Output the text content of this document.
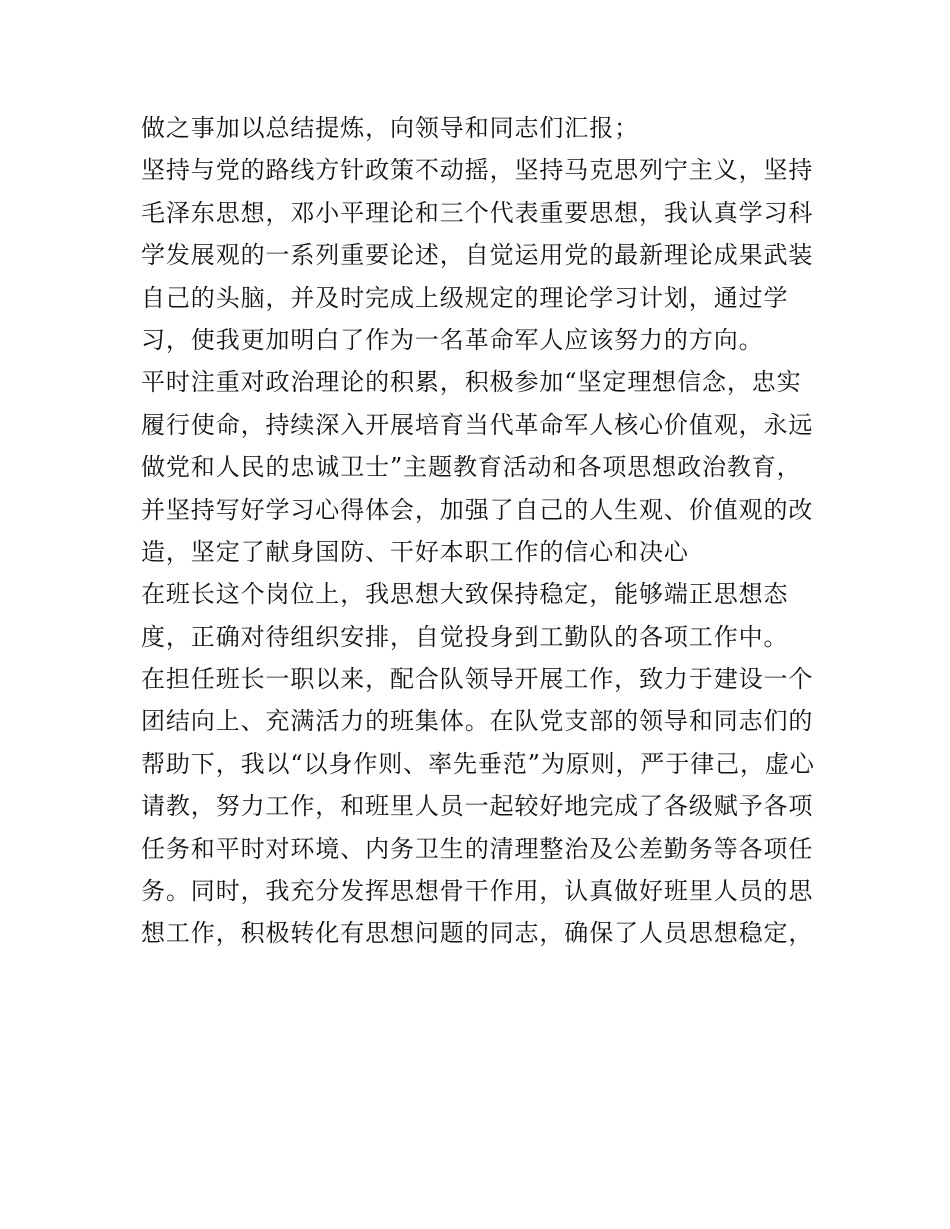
做之事加以总结提炼，向领导和同志们汇报；
坚持与党的路线方针政策不动摇，坚持马克思列宁主义，坚持
毛泽东思想，邓小平理论和三个代表重要思想，我认真学习科
学发展观的一系列重要论述，自觉运用党的最新理论成果武装
自己的头脑，并及时完成上级规定的理论学习计划，通过学
习，使我更加明白了作为一名革命军人应该努力的方向。
平时注重对政治理论的积累，积极参加“坚定理想信念，忠实
履行使命，持续深入开展培育当代革命军人核心价值观，永远
做党和人民的忠诚卫士”主题教育活动和各项思想政治教育，
并坚持写好学习心得体会，加强了自己的人生观、价值观的改
造，坚定了献身国防、干好本职工作的信心和决心
在班长这个岗位上，我思想大致保持稳定，能够端正思想态
度，正确对待组织安排，自觉投身到工勤队的各项工作中。
在担任班长一职以来，配合队领导开展工作，致力于建设一个
团结向上、充满活力的班集体。在队党支部的领导和同志们的
帮助下，我以“以身作则、率先垂范”为原则，严于律己，虚心
请教，努力工作，和班里人员一起较好地完成了各级赋予各项
任务和平时对环境、内务卫生的清理整治及公差勤务等各项任
务。同时，我充分发挥思想骨干作用，认真做好班里人员的思
想工作，积极转化有思想问题的同志，确保了人员思想稳定，
